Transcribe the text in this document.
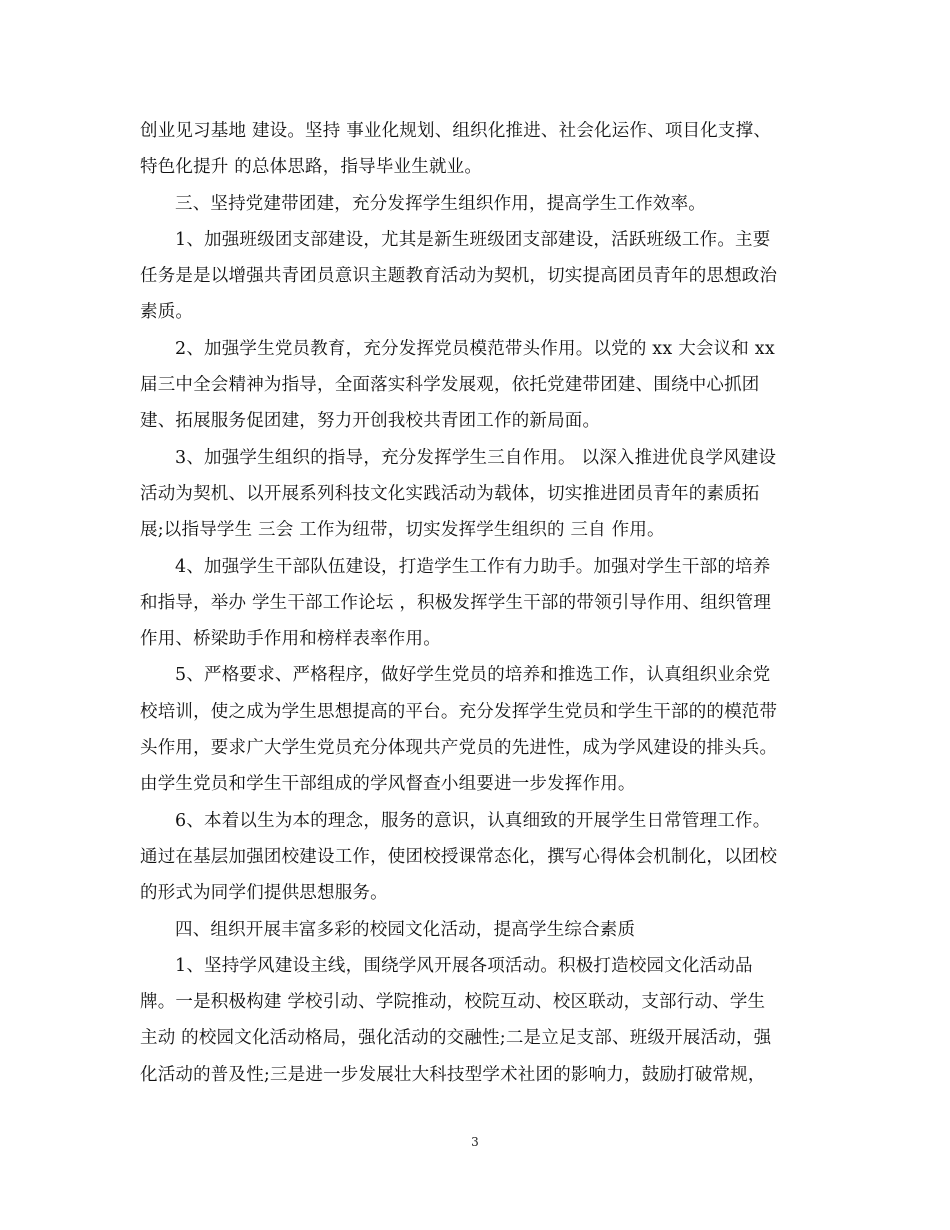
创业见习基地 建设。坚持 事业化规划、组织化推进、社会化运作、项目化支撑、
特色化提升 的总体思路，指导毕业生就业。
三、坚持党建带团建，充分发挥学生组织作用，提高学生工作效率。
1、加强班级团支部建设，尤其是新生班级团支部建设，活跃班级工作。主要
任务是是以增强共青团员意识主题教育活动为契机，切实提高团员青年的思想政治
素质。
2、加强学生党员教育，充分发挥党员模范带头作用。以党的 xx 大会议和 xx
届三中全会精神为指导，全面落实科学发展观，依托党建带团建、围绕中心抓团
建、拓展服务促团建，努力开创我校共青团工作的新局面。
3、加强学生组织的指导，充分发挥学生三自作用。 以深入推进优良学风建设
活动为契机、以开展系列科技文化实践活动为载体，切实推进团员青年的素质拓
展;以指导学生 三会 工作为纽带，切实发挥学生组织的 三自 作用。
4、加强学生干部队伍建设，打造学生工作有力助手。加强对学生干部的培养
和指导，举办 学生干部工作论坛 ，积极发挥学生干部的带领引导作用、组织管理
作用、桥梁助手作用和榜样表率作用。
5、严格要求、严格程序，做好学生党员的培养和推选工作，认真组织业余党
校培训，使之成为学生思想提高的平台。充分发挥学生党员和学生干部的的模范带
头作用，要求广大学生党员充分体现共产党员的先进性，成为学风建设的排头兵。
由学生党员和学生干部组成的学风督查小组要进一步发挥作用。
6、本着以生为本的理念，服务的意识，认真细致的开展学生日常管理工作。
通过在基层加强团校建设工作，使团校授课常态化，撰写心得体会机制化，以团校
的形式为同学们提供思想服务。
四、组织开展丰富多彩的校园文化活动，提高学生综合素质
1、坚持学风建设主线，围绕学风开展各项活动。积极打造校园文化活动品
牌。一是积极构建 学校引动、学院推动，校院互动、校区联动，支部行动、学生
主动 的校园文化活动格局，强化活动的交融性;二是立足支部、班级开展活动，强
化活动的普及性;三是进一步发展壮大科技型学术社团的影响力，鼓励打破常规，
3
